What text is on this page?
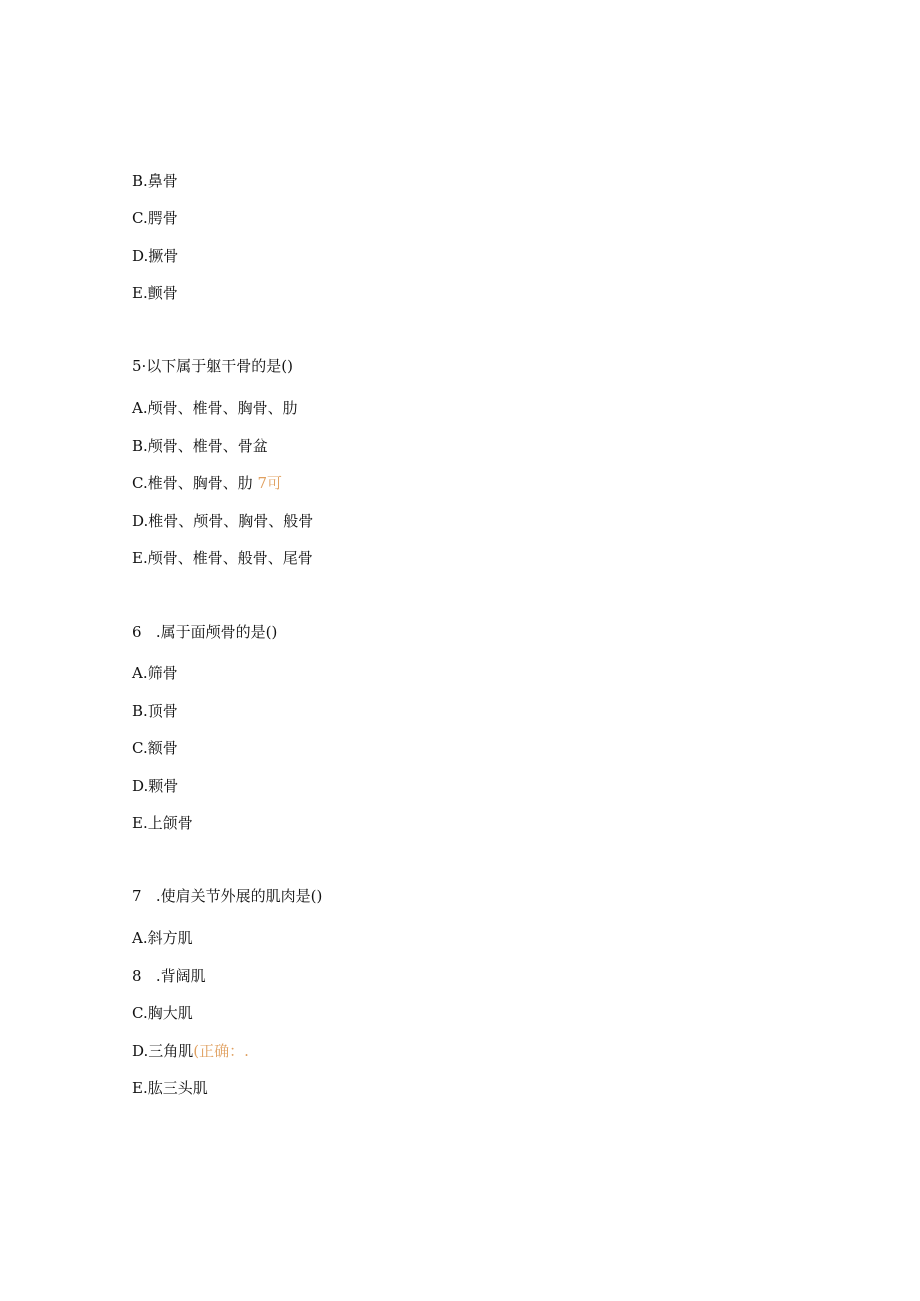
B.鼻骨
C.腭骨
D.撅骨
E.颤骨
5·以下属于躯干骨的是()
A.颅骨、椎骨、胸骨、肋
B.颅骨、椎骨、骨盆
C.椎骨、胸骨、肋 7可
D.椎骨、颅骨、胸骨、般骨
E.颅骨、椎骨、般骨、尾骨
6   .属于面颅骨的是()
A.筛骨
B.顶骨
C.额骨
D.颗骨
E.上颌骨
7   .使肩关节外展的肌肉是()
A.斜方肌
8   .背阔肌
C.胸大肌
D.三角肌(正确：.
E.肱三头肌
